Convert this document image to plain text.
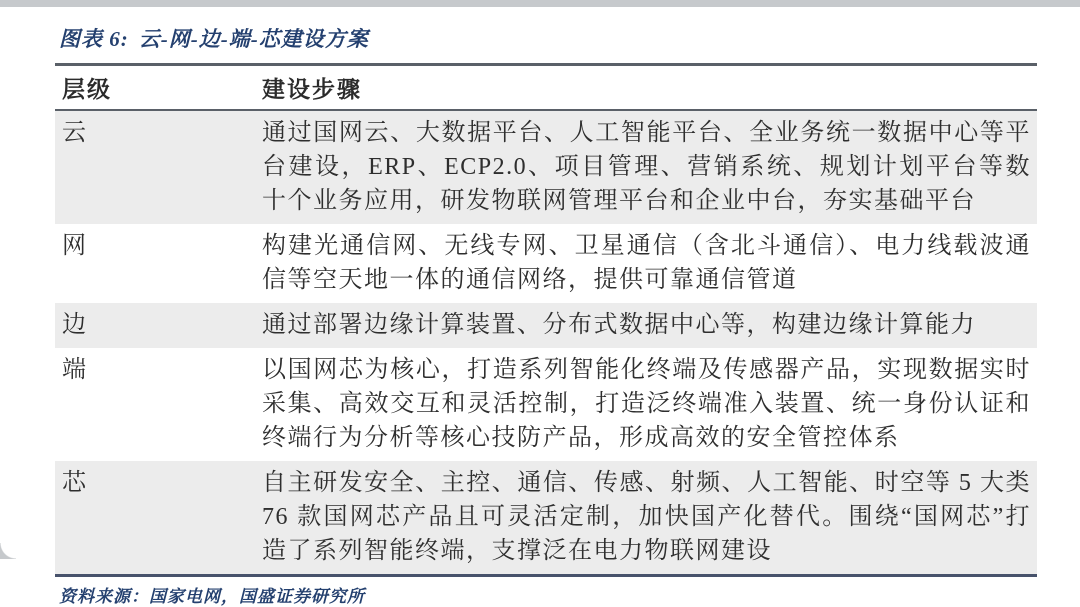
图表 6: 云-网-边-端-芯建设方案
层级	建设步骤
云	通过国网云、大数据平台、人工智能平台、全业务统一数据中心等平台建设，ERP、ECP2.0、项目管理、营销系统、规划计划平台等数十个业务应用，研发物联网管理平台和企业中台，夯实基础平台
网	构建光通信网、无线专网、卫星通信（含北斗通信）、电力线载波通信等空天地一体的通信网络，提供可靠通信管道
边	通过部署边缘计算装置、分布式数据中心等，构建边缘计算能力
端	以国网芯为核心，打造系列智能化终端及传感器产品，实现数据实时采集、高效交互和灵活控制，打造泛终端准入装置、统一身份认证和终端行为分析等核心技防产品，形成高效的安全管控体系
芯	自主研发安全、主控、通信、传感、射频、人工智能、时空等 5 大类 76 款国网芯产品且可灵活定制，加快国产化替代。围绕“国网芯”打造了系列智能终端，支撑泛在电力物联网建设
资料来源：国家电网，国盛证券研究所
